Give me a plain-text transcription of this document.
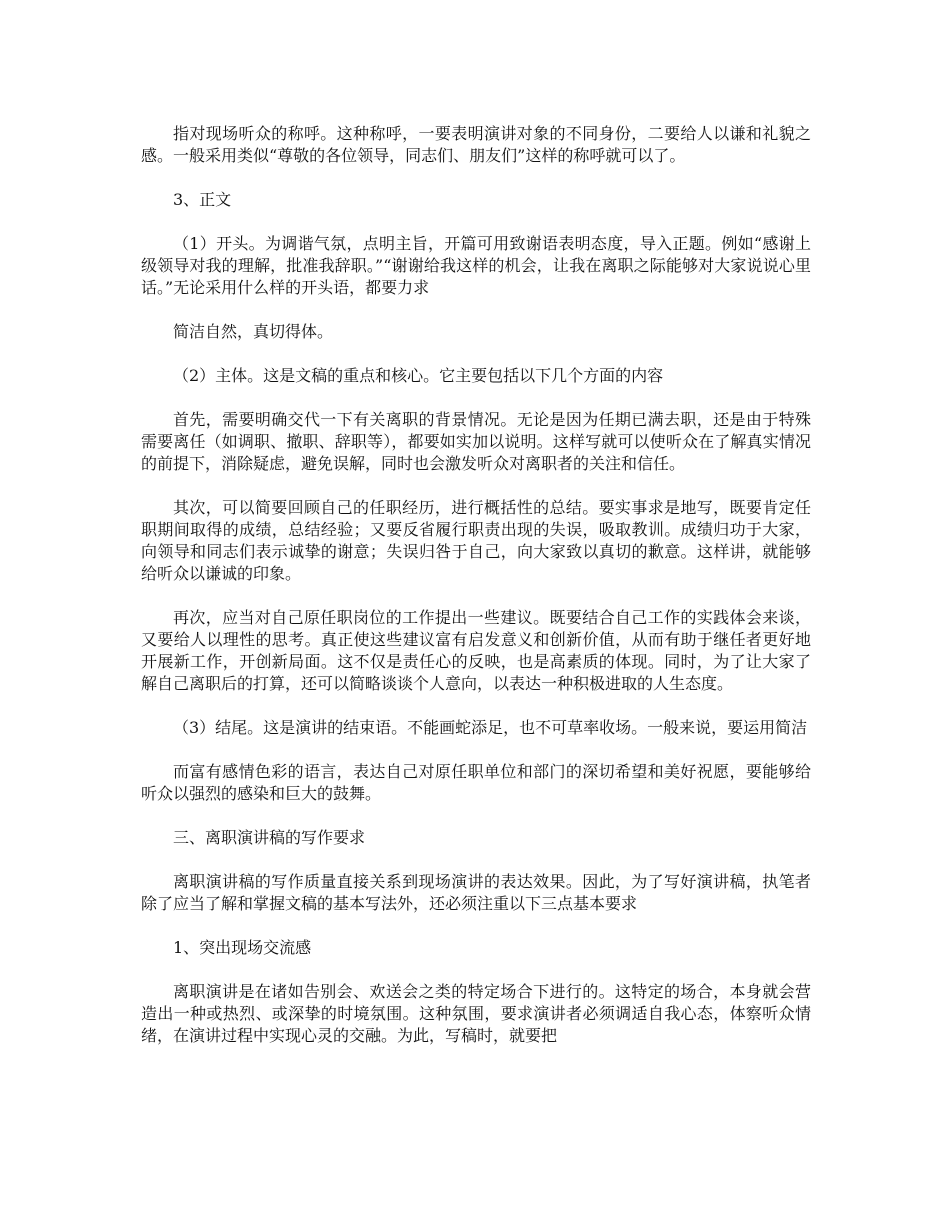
指对现场听众的称呼。这种称呼，一要表明演讲对象的不同身份，二要给人以谦和礼貌之感。一般采用类似“尊敬的各位领导，同志们、朋友们”这样的称呼就可以了。

3、正文

（1）开头。为调谐气氛，点明主旨，开篇可用致谢语表明态度，导入正题。例如“感谢上级领导对我的理解，批准我辞职。”“谢谢给我这样的机会，让我在离职之际能够对大家说说心里话。”无论采用什么样的开头语，都要力求

简洁自然，真切得体。

（2）主体。这是文稿的重点和核心。它主要包括以下几个方面的内容

首先，需要明确交代一下有关离职的背景情况。无论是因为任期已满去职，还是由于特殊需要离任（如调职、撤职、辞职等），都要如实加以说明。这样写就可以使听众在了解真实情况的前提下，消除疑虑，避免误解，同时也会激发听众对离职者的关注和信任。

其次，可以简要回顾自己的任职经历，进行概括性的总结。要实事求是地写，既要肯定任职期间取得的成绩，总结经验；又要反省履行职责出现的失误，吸取教训。成绩归功于大家，向领导和同志们表示诚挚的谢意；失误归咎于自己，向大家致以真切的歉意。这样讲，就能够给听众以谦诚的印象。

再次，应当对自己原任职岗位的工作提出一些建议。既要结合自己工作的实践体会来谈，又要给人以理性的思考。真正使这些建议富有启发意义和创新价值，从而有助于继任者更好地开展新工作，开创新局面。这不仅是责任心的反映，也是高素质的体现。同时，为了让大家了解自己离职后的打算，还可以简略谈谈个人意向，以表达一种积极进取的人生态度。

（3）结尾。这是演讲的结束语。不能画蛇添足，也不可草率收场。一般来说，要运用简洁

而富有感情色彩的语言，表达自己对原任职单位和部门的深切希望和美好祝愿，要能够给听众以强烈的感染和巨大的鼓舞。

三、离职演讲稿的写作要求

离职演讲稿的写作质量直接关系到现场演讲的表达效果。因此，为了写好演讲稿，执笔者除了应当了解和掌握文稿的基本写法外，还必须注重以下三点基本要求

1、突出现场交流感

离职演讲是在诸如告别会、欢送会之类的特定场合下进行的。这特定的场合，本身就会营造出一种或热烈、或深挚的时境氛围。这种氛围，要求演讲者必须调适自我心态，体察听众情绪，在演讲过程中实现心灵的交融。为此，写稿时，就要把
